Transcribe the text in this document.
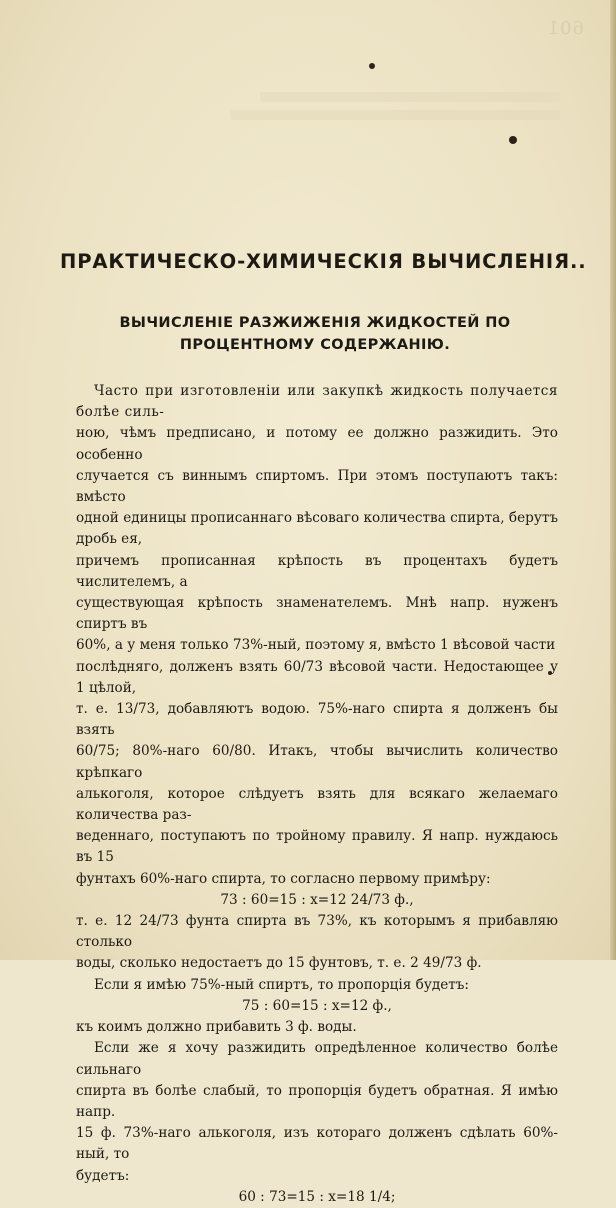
601
ПРАКТИЧЕСКО-ХИМИЧЕСКІЯ ВЫЧИСЛЕНІЯ..
ВЫЧИСЛЕНІЕ РАЗЖИЖЕНІЯ ЖИДКОСТЕЙ ПО ПРОЦЕНТНОМУ СОДЕРЖАНІЮ.

Часто при изготовленіи или закупкѣ жидкость получается болѣе силь-

ною, чѣмъ предписано, и потому ее должно разжидить. Это особенно

случается съ виннымъ спиртомъ. При этомъ поступаютъ такъ: вмѣсто

одной единицы прописаннаго вѣсоваго количества спирта, берутъ дробь ея,

причемъ прописанная крѣпость въ процентахъ будетъ числителемъ, а

существующая крѣпость знаменателемъ. Мнѣ напр. нуженъ спиртъ въ

60%, а у меня только 73%-ный, поэтому я, вмѣсто 1 вѣсовой части

послѣдняго, долженъ взять 60/73 вѣсовой части. Недостающее у 1 цѣлой,

т. е. 13/73, добавляютъ водою. 75%-наго спирта я долженъ бы взять

60/75; 80%-наго 60/80. Итакъ, чтобы вычислить количество крѣпкаго

алькоголя, которое слѣдуетъ взять для всякаго желаемаго количества раз-

веденнаго, поступаютъ по тройному правилу. Я напр. нуждаюсь въ 15

фунтахъ 60%-наго спирта, то согласно первому примѣру:

73 : 60=15 : x=12 24/73 ф.,

т. е. 12 24/73 фунта спирта въ 73%, къ которымъ я прибавляю столько

воды, сколько недостаетъ до 15 фунтовъ, т. е. 2 49/73 ф.

Если я имѣю 75%-ный спиртъ, то пропорція будетъ:

75 : 60=15 : x=12 ф.,

къ коимъ должно прибавить 3 ф. воды.

Если же я хочу разжидить опредѣленное количество болѣе сильнаго

спирта въ болѣе слабый, то пропорція будетъ обратная. Я имѣю напр.

15 ф. 73%-наго алькоголя, изъ котораго долженъ сдѣлать 60%-ный, то

будетъ:

60 : 73=15 : x=18 1/4;
